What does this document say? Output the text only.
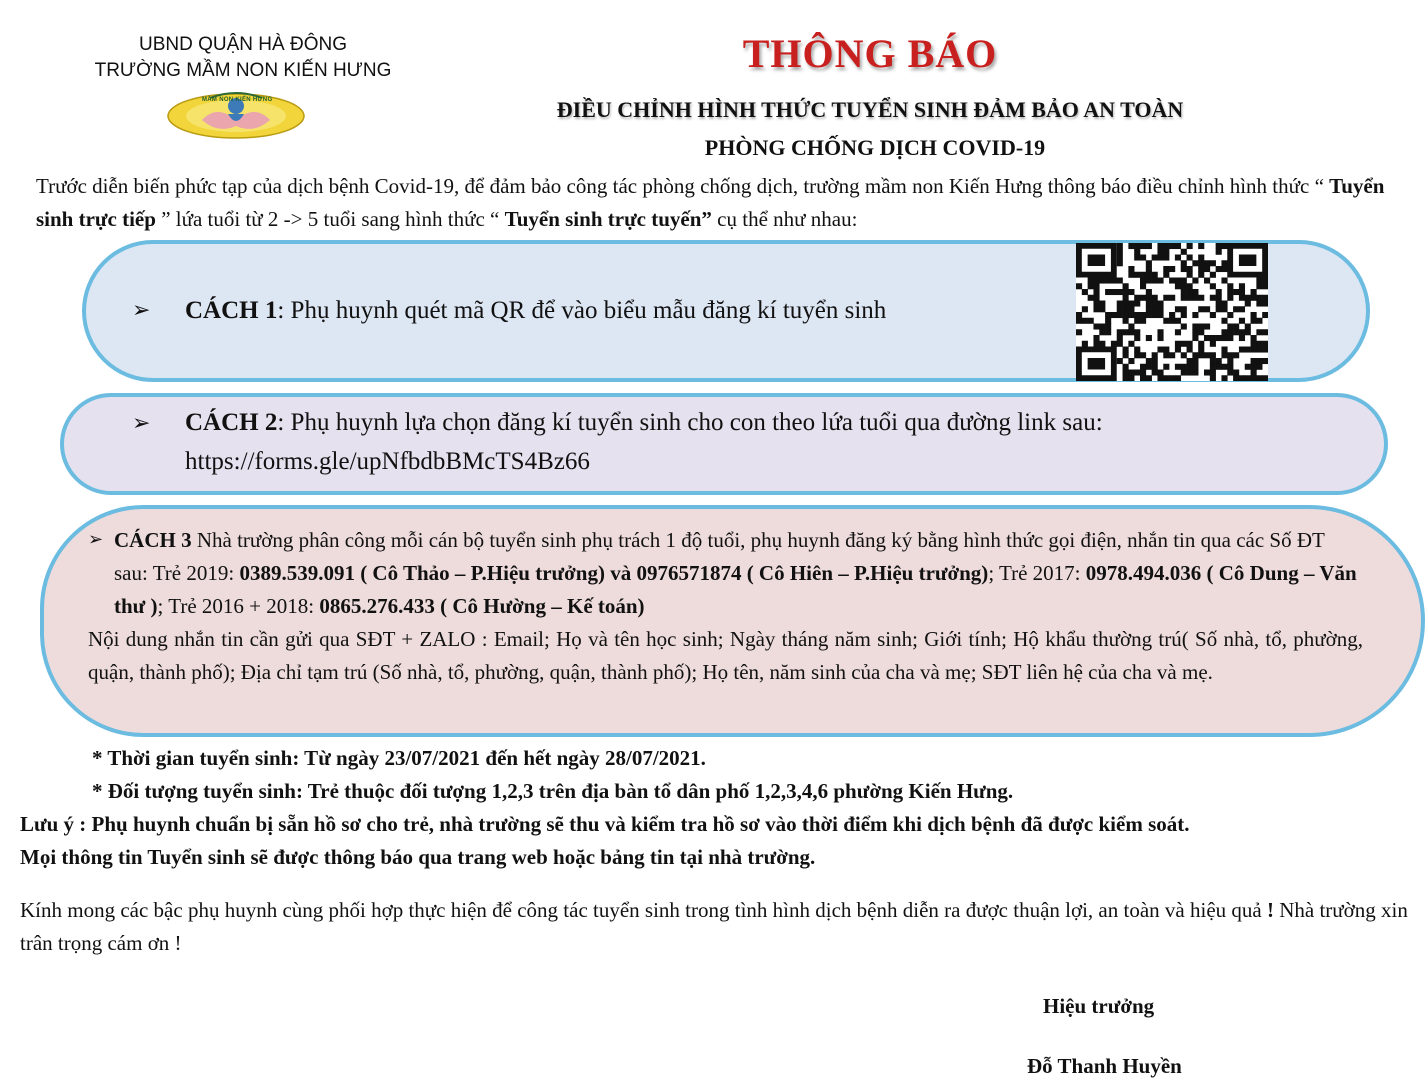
UBND QUẬN HÀ ĐÔNG
TRƯỜNG MẦM NON KIẾN HƯNG
MẦM NON KIẾN HƯNG
THÔNG BÁO
ĐIỀU CHỈNH HÌNH THỨC TUYỂN SINH ĐẢM BẢO AN TOÀN
PHÒNG CHỐNG DỊCH COVID-19
Trước diễn biến phức tạp của dịch bệnh Covid-19, để đảm bảo công tác phòng chống dịch, trường mầm non Kiến Hưng thông báo điều chỉnh hình thức “ Tuyển sinh trực tiếp ” lứa tuổi từ 2 -> 5 tuổi sang hình thức “ Tuyển sinh trực tuyến” cụ thể như nhau:
➢ CÁCH 1: Phụ huynh quét mã QR để vào biểu mẫu đăng kí tuyển sinh
➢ CÁCH 2: Phụ huynh lựa chọn đăng kí tuyển sinh cho con theo lứa tuổi qua đường link sau:
https://forms.gle/upNfbdbBMcTS4Bz66
➢ CÁCH 3 Nhà trường phân công mỗi cán bộ tuyển sinh phụ trách 1 độ tuổi, phụ huynh đăng ký bằng hình thức gọi điện, nhắn tin qua các Số ĐT sau: Trẻ 2019: 0389.539.091 ( Cô Thảo – P.Hiệu trưởng) và 0976571874 ( Cô Hiên – P.Hiệu trưởng); Trẻ 2017: 0978.494.036 ( Cô Dung – Văn thư ); Trẻ 2016 + 2018: 0865.276.433 ( Cô Hường – Kế toán)
Nội dung nhắn tin cần gửi qua SĐT + ZALO : Email; Họ và tên học sinh; Ngày tháng năm sinh; Giới tính; Hộ khẩu thường trú( Số nhà, tổ, phường, quận, thành phố); Địa chỉ tạm trú (Số nhà, tổ, phường, quận, thành phố); Họ tên, năm sinh của cha và mẹ; SĐT liên hệ của cha và mẹ.
* Thời gian tuyển sinh: Từ ngày 23/07/2021 đến hết ngày 28/07/2021.
* Đối tượng tuyển sinh: Trẻ thuộc đối tượng 1,2,3 trên địa bàn tổ dân phố 1,2,3,4,6 phường Kiến Hưng.
Lưu ý : Phụ huynh chuẩn bị sẵn hồ sơ cho trẻ, nhà trường sẽ thu và kiểm tra hồ sơ vào thời điểm khi dịch bệnh đã được kiểm soát.
Mọi thông tin Tuyển sinh sẽ được thông báo qua trang web hoặc bảng tin tại nhà trường.
Kính mong các bậc phụ huynh cùng phối hợp thực hiện để công tác tuyển sinh trong tình hình dịch bệnh diễn ra được thuận lợi, an toàn và hiệu quả ! Nhà trường xin trân trọng cám ơn !
Hiệu trưởng
Đỗ Thanh Huyền
